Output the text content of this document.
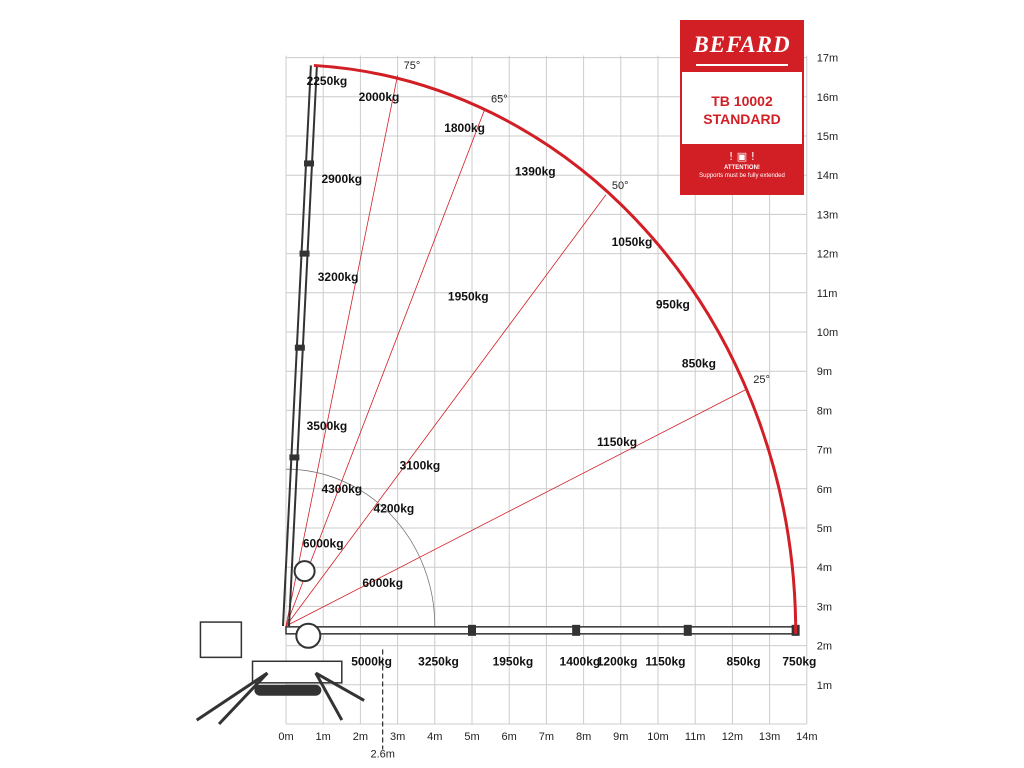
75°
65°
50°
25°
0m 1m 2m 3m 4m 5m 6m 7m 8m 9m 10m 11m 12m 13m 14m
2.6m
1m
2m
3m
4m
5m
6m
7m
8m
9m
10m
11m
12m
13m
14m
15m
16m
17m
2250kg
2000kg
1800kg
1390kg
2900kg
1050kg
3200kg
1950kg
950kg
850kg
3500kg
1150kg
3100kg
4300kg
4200kg
6000kg
6000kg
5000kg 3250kg	1950kg 1400kg
1200kg 1150kg	850kg 750kg
BEFARD
TB 10002
STANDARD
! ▣ !
ATTENTION!
Supports must be fully extended
